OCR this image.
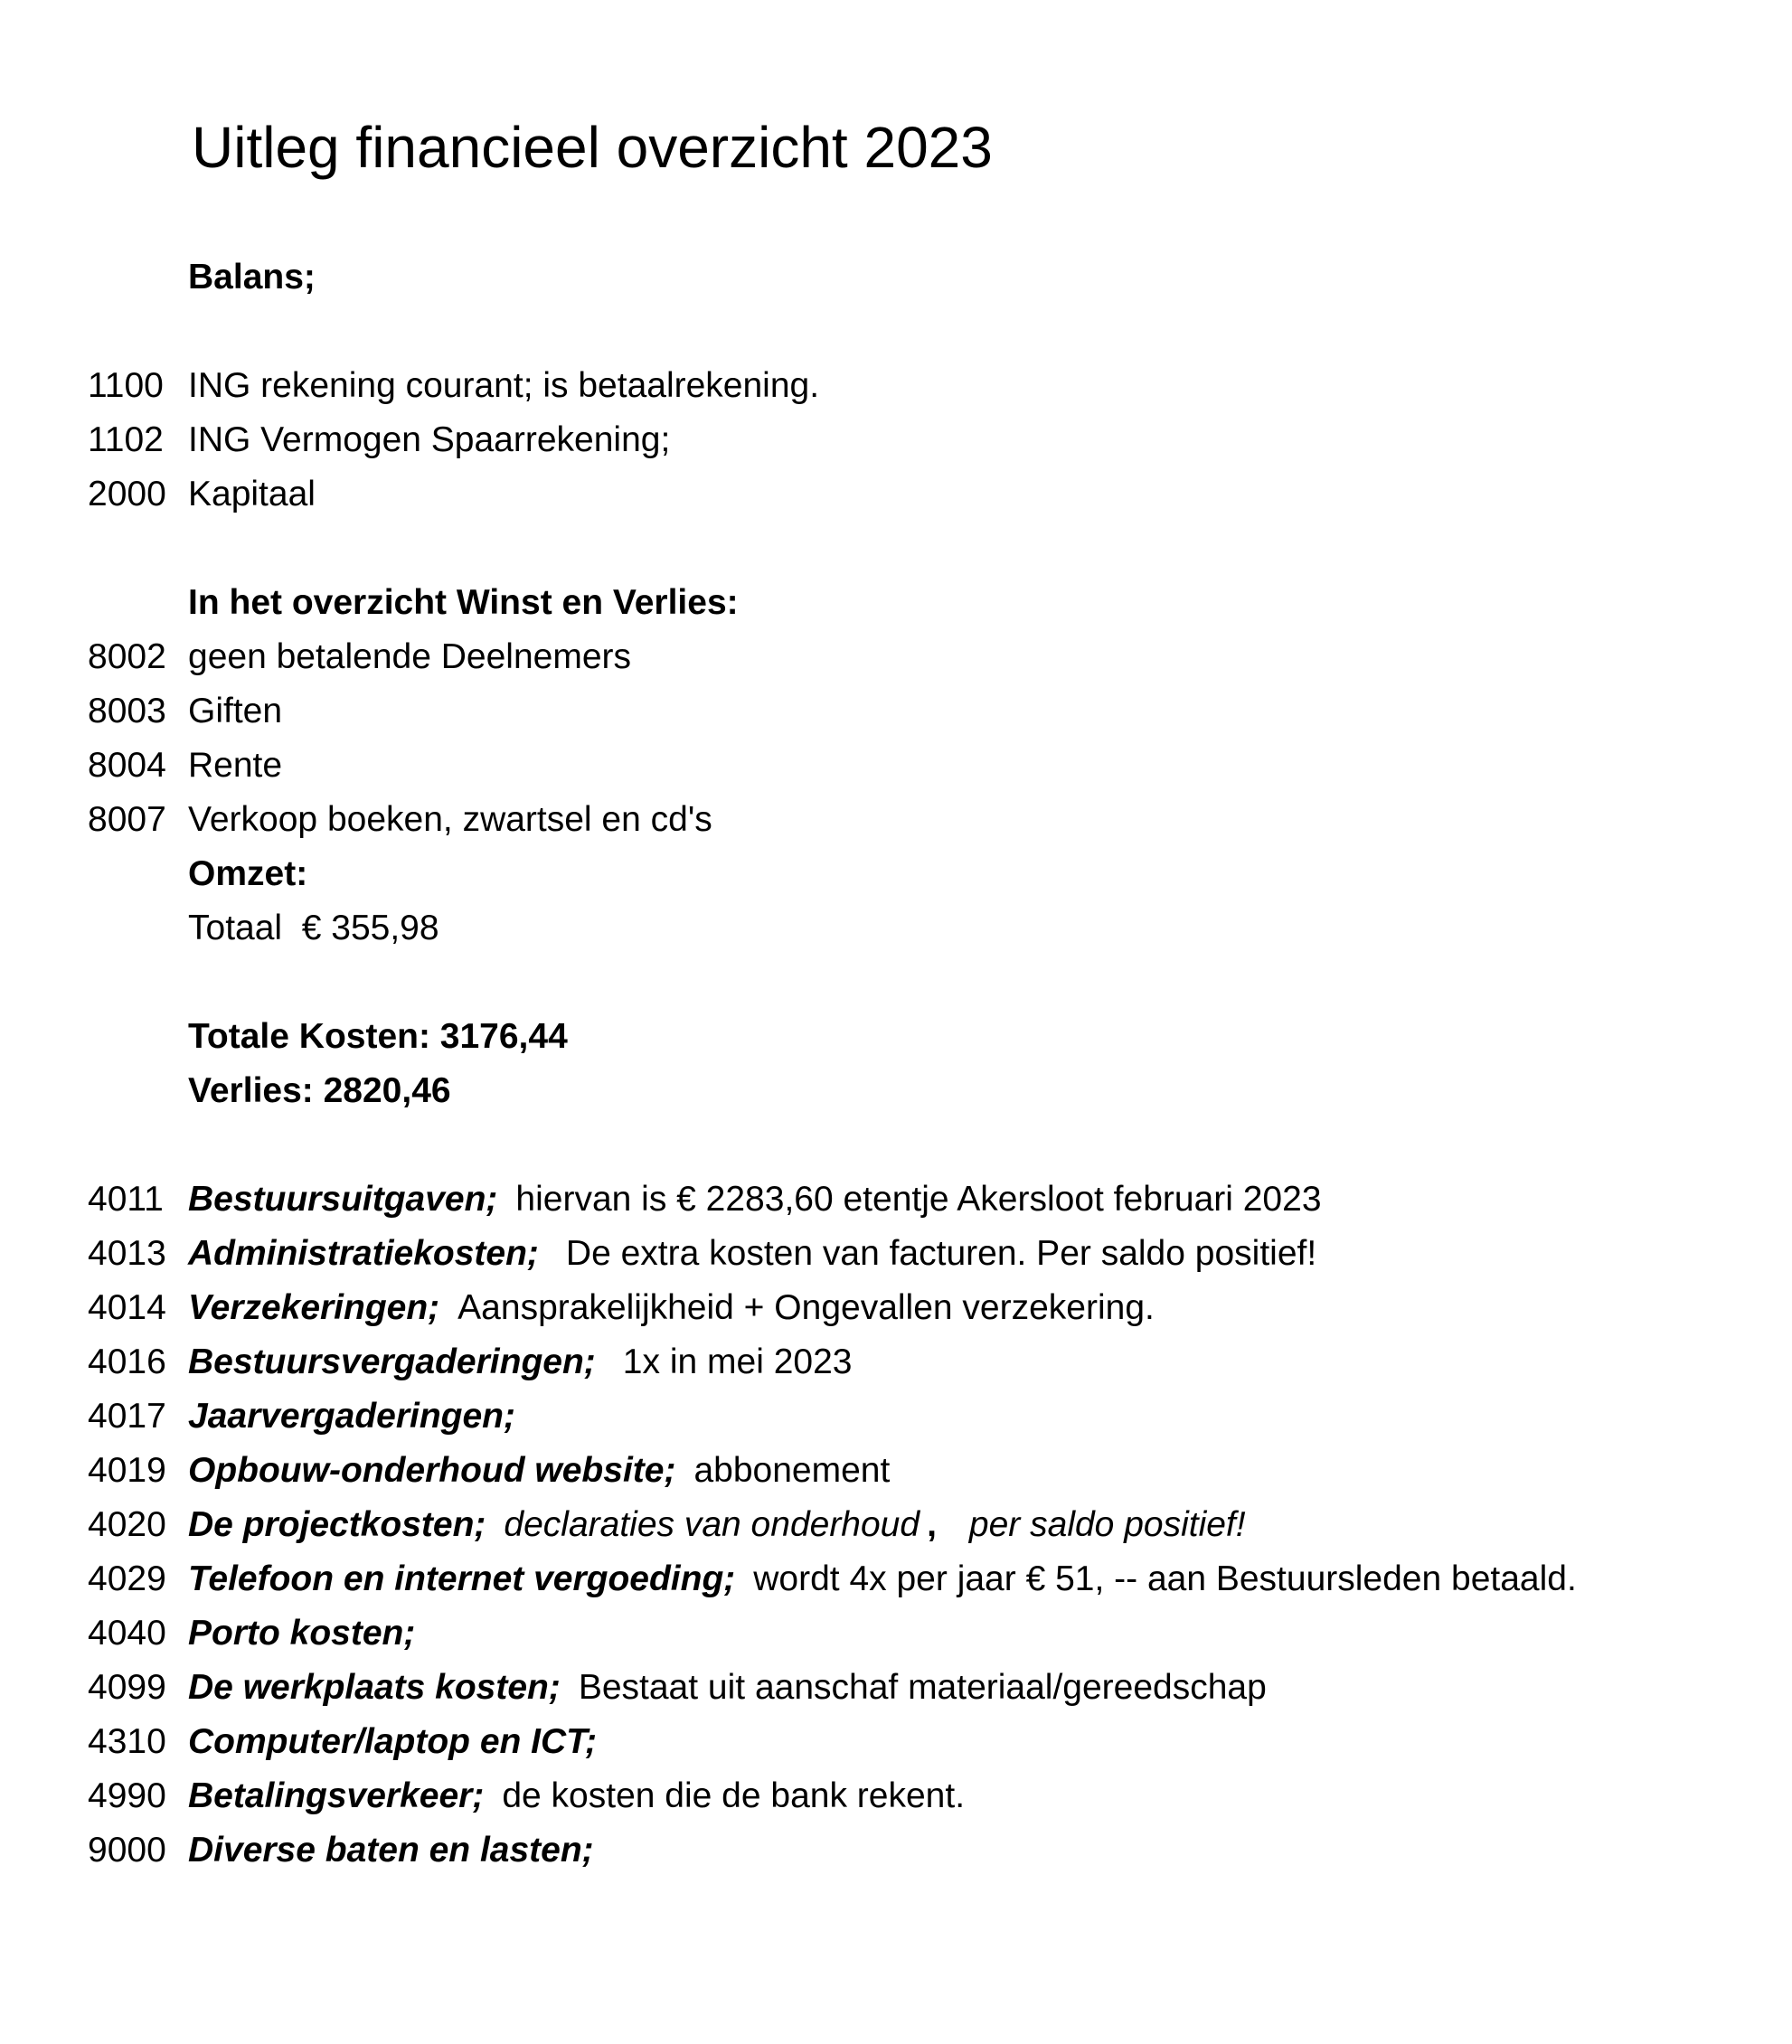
Uitleg financieel overzicht 2023
Balans;
1100 ING rekening courant; is betaalrekening.
1102 ING Vermogen Spaarrekening;
2000 Kapitaal
In het overzicht Winst en Verlies:
8002 geen betalende Deelnemers
8003 Giften
8004 Rente
8007 Verkoop boeken, zwartsel en cd's
Omzet:
Totaal  € 355,98
Totale Kosten: 3176,44
Verlies: 2820,46
4011 Bestuursuitgaven; hiervan is € 2283,60 etentje Akersloot februari 2023
4013 Administratiekosten; De extra kosten van facturen. Per saldo positief!
4014 Verzekeringen; Aansprakelijkheid + Ongevallen verzekering.
4016 Bestuursvergaderingen; 1x in mei 2023
4017 Jaarvergaderingen;
4019 Opbouw-onderhoud website; abbonement
4020 De projectkosten; declaraties van onderhoud , per saldo positief!
4029 Telefoon en internet vergoeding; wordt 4x per jaar € 51, -- aan Bestuursleden betaald.
4040 Porto kosten;
4099 De werkplaats kosten; Bestaat uit aanschaf materiaal/gereedschap
4310 Computer/laptop en ICT;
4990 Betalingsverkeer; de kosten die de bank rekent.
9000 Diverse baten en lasten;
